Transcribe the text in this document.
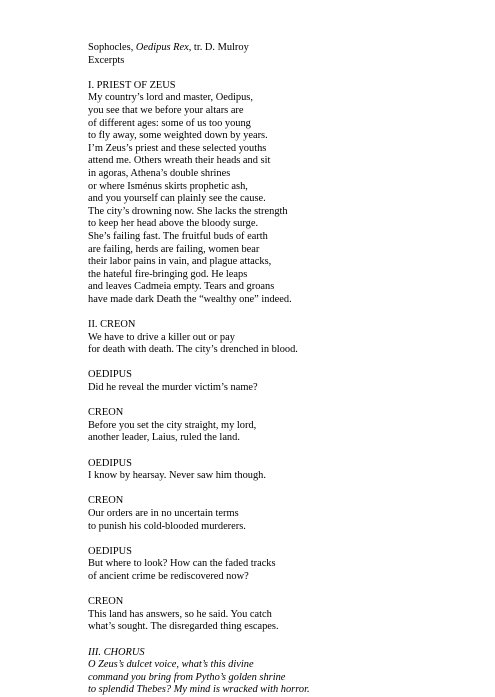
Sophocles, Oedipus Rex, tr. D. Mulroy
Excerpts
I. PRIEST OF ZEUS
My country’s lord and master, Oedipus,
you see that we before your altars are
of different ages: some of us too young
to fly away, some weighted down by years.
I’m Zeus’s priest and these selected youths
attend me. Others wreath their heads and sit
in agoras, Athena’s double shrines
or where Isménus skirts prophetic ash,
and you yourself can plainly see the cause.
The city’s drowning now. She lacks the strength
to keep her head above the bloody surge.
She’s failing fast. The fruitful buds of earth
are failing, herds are failing, women bear
their labor pains in vain, and plague attacks,
the hateful fire-bringing god. He leaps
and leaves Cadmeia empty. Tears and groans
have made dark Death the “wealthy one” indeed.
II. CREON
We have to drive a killer out or pay
for death with death. The city’s drenched in blood.
OEDIPUS
Did he reveal the murder victim’s name?
CREON
Before you set the city straight, my lord,
another leader, Laius, ruled the land.
OEDIPUS
I know by hearsay. Never saw him though.
CREON
Our orders are in no uncertain terms
to punish his cold-blooded murderers.
OEDIPUS
But where to look? How can the faded tracks
of ancient crime be rediscovered now?
CREON
This land has answers, so he said. You catch
what’s sought. The disregarded thing escapes.
III. CHORUS
O Zeus’s dulcet voice, what’s this divine
command you bring from Pytho’s golden shrine
to splendid Thebes? My mind is wracked with horror.
